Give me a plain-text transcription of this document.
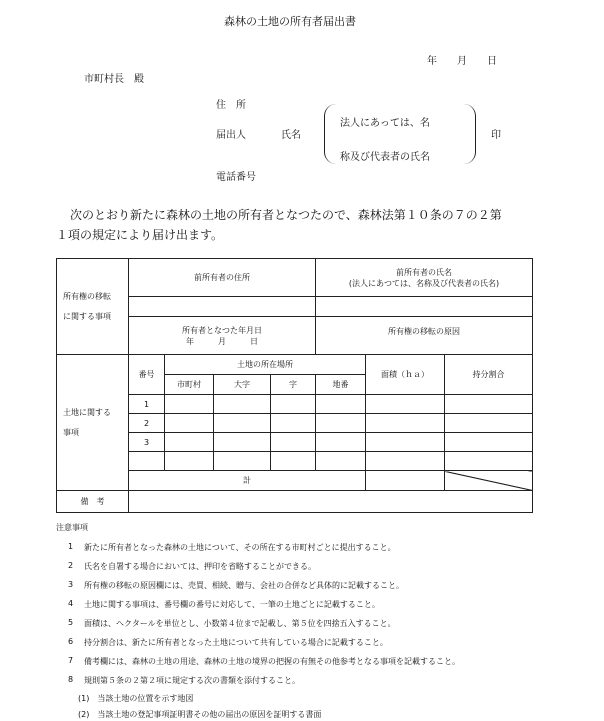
森林の土地の所有者届出書
年　　月　　日
市町村長　殿
住　所
届出人	氏名
法人にあっては、名
称及び代表者の氏名
印
電話番号
次のとおり新たに森林の土地の所有者となつたので、森林法第１０条の７の２第
１項の規定により届け出ます。
所有権の移転
に関する事項	前所有者の住所				前所有者の氏名
(法人にあつては、名称及び代表者の氏名)		

	所有者となつた年月日
年　　　月　　　日				所有権の移転の原因		

土地に関する
事項	番号	土地の所在場所				面積（ｈａ）	持分割合
		市町村	大字	字	地番		
	1						
	2						
	3						

	計						
備　考							
注意事項
1 新たに所有者となった森林の土地について、その所在する市町村ごとに提出すること。
2 氏名を自署する場合においては、押印を省略することができる。
3 所有権の移転の原因欄には、売買、相続、贈与、会社の合併など具体的に記載すること。
4 土地に関する事項は、番号欄の番号に対応して、一筆の土地ごとに記載すること。
5 面積は、ヘクタールを単位とし、小数第４位まで記載し、第５位を四捨五入すること。
6 持分割合は、新たに所有者となった土地について共有している場合に記載すること。
7 備考欄には、森林の土地の用途、森林の土地の境界の把握の有無その他参考となる事項を記載すること。
8 規則第５条の２第２項に規定する次の書類を添付すること。
(1)　当該土地の位置を示す地図
(2)　当該土地の登記事項証明書その他の届出の原因を証明する書面
